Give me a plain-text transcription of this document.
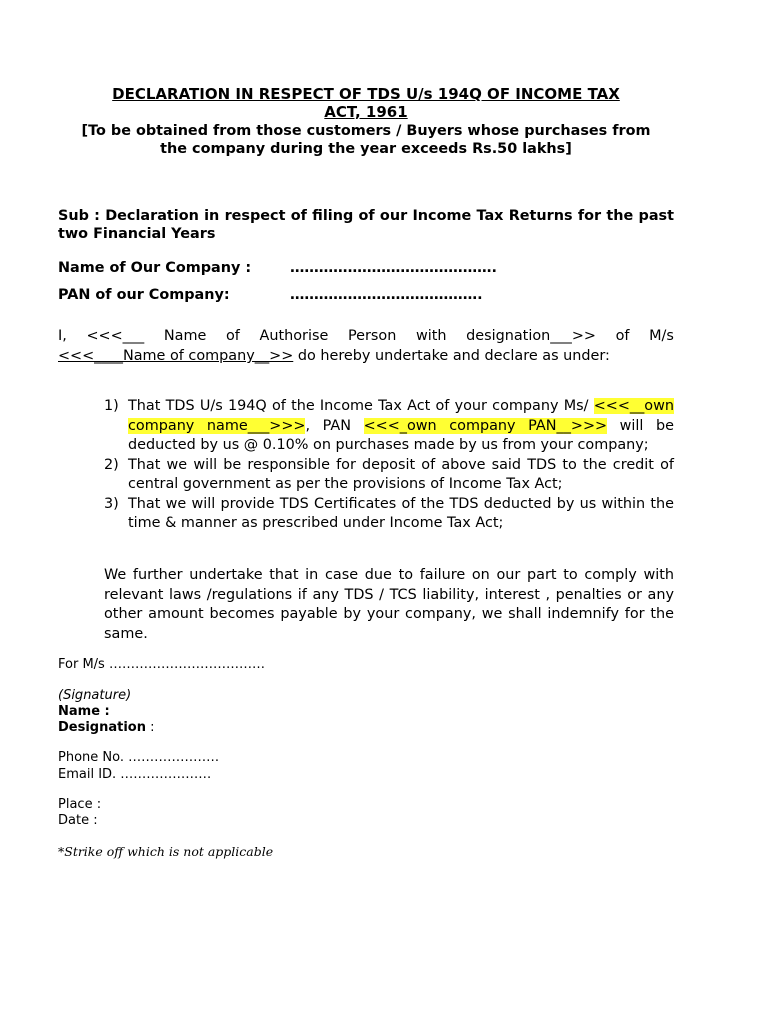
DECLARATION IN RESPECT OF TDS U/s 194Q OF INCOME TAX
ACT, 1961
[To be obtained from those customers / Buyers whose purchases from
the company during the year exceeds Rs.50 lakhs]
Sub : Declaration in respect of filing of our Income Tax Returns for the past two Financial Years
Name of Our Company :	…………………………………….
PAN of our Company:	………………………………….
I, <<<___ Name of Authorise Person with designation___>> of M/s
<<<____Name of company__>> do hereby undertake and declare as under:
1) That TDS U/s 194Q of the Income Tax Act of your company Ms/ <<<__own company name___>>>, PAN <<<_own company PAN__>>> will be deducted by us @ 0.10% on purchases made by us from your company;
2) That we will be responsible for deposit of above said TDS to the credit of central government as per the provisions of Income Tax Act;
3) That we will provide TDS Certificates of the TDS deducted by us within the time & manner as prescribed under Income Tax Act;
We further undertake that in case due to failure on our part to comply with relevant laws /regulations if any TDS / TCS liability, interest , penalties or any other amount becomes payable by your company, we shall indemnify for the same.
For M/s ………………………………
(Signature)
Name :
Designation :
Phone No. …………………
Email ID. …………………
Place :
Date :
*Strike off which is not applicable
